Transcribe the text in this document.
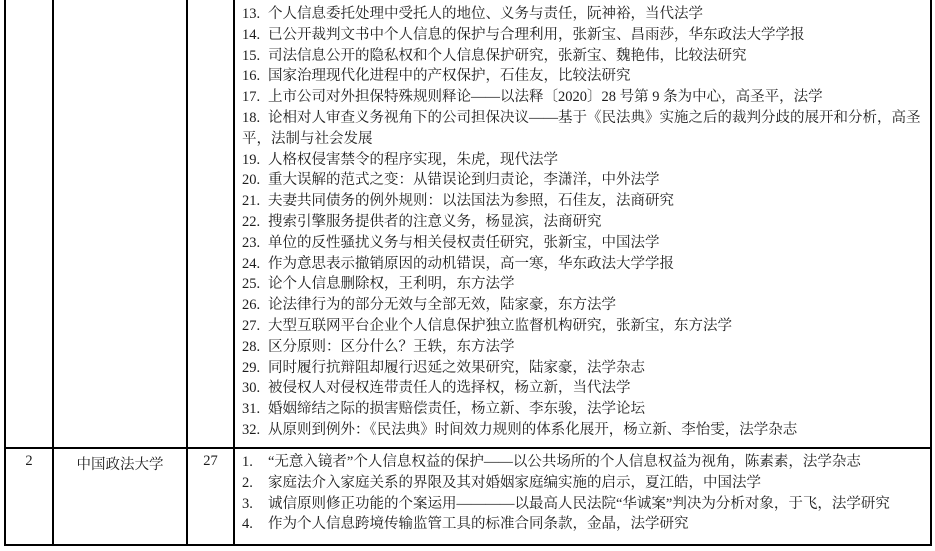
13. 个人信息委托处理中受托人的地位、义务与责任，阮神裕，当代法学

14. 已公开裁判文书中个人信息的保护与合理利用，张新宝、昌雨莎，华东政法大学学报

15. 司法信息公开的隐私权和个人信息保护研究，张新宝、魏艳伟，比较法研究

16. 国家治理现代化进程中的产权保护，石佳友，比较法研究

17. 上市公司对外担保特殊规则释论——以法释〔2020〕28 号第 9 条为中心，高圣平，法学

18. 论相对人审查义务视角下的公司担保决议——基于《民法典》实施之后的裁判分歧的展开和分析，高圣平，法制与社会发展

19. 人格权侵害禁令的程序实现，朱虎，现代法学

20. 重大误解的范式之变：从错误论到归责论，李潇洋，中外法学

21. 夫妻共同债务的例外规则：以法国法为参照，石佳友，法商研究

22. 搜索引擎服务提供者的注意义务，杨显滨，法商研究

23. 单位的反性骚扰义务与相关侵权责任研究，张新宝，中国法学

24. 作为意思表示撤销原因的动机错误，高一寒，华东政法大学学报

25. 论个人信息删除权，王利明，东方法学

26. 论法律行为的部分无效与全部无效，陆家豪，东方法学

27. 大型互联网平台企业个人信息保护独立监督机构研究，张新宝，东方法学

28. 区分原则：区分什么？王轶，东方法学

29. 同时履行抗辩阻却履行迟延之效果研究，陆家豪，法学杂志

30. 被侵权人对侵权连带责任人的选择权，杨立新，当代法学

31. 婚姻缔结之际的损害赔偿责任，杨立新、李东骏，法学论坛

32. 从原则到例外：《民法典》时间效力规则的体系化展开，杨立新、李怡雯，法学杂志

2	中国政法大学	27	1. “无意入镜者”个人信息权益的保护——以公共场所的个人信息权益为视角，陈素素，法学杂志

2. 家庭法介入家庭关系的界限及其对婚姻家庭编实施的启示，夏江皓，中国法学

3. 诚信原则修正功能的个案运用————以最高人民法院“华诚案”判决为分析对象，于飞，法学研究

4. 作为个人信息跨境传输监管工具的标准合同条款，金晶，法学研究
